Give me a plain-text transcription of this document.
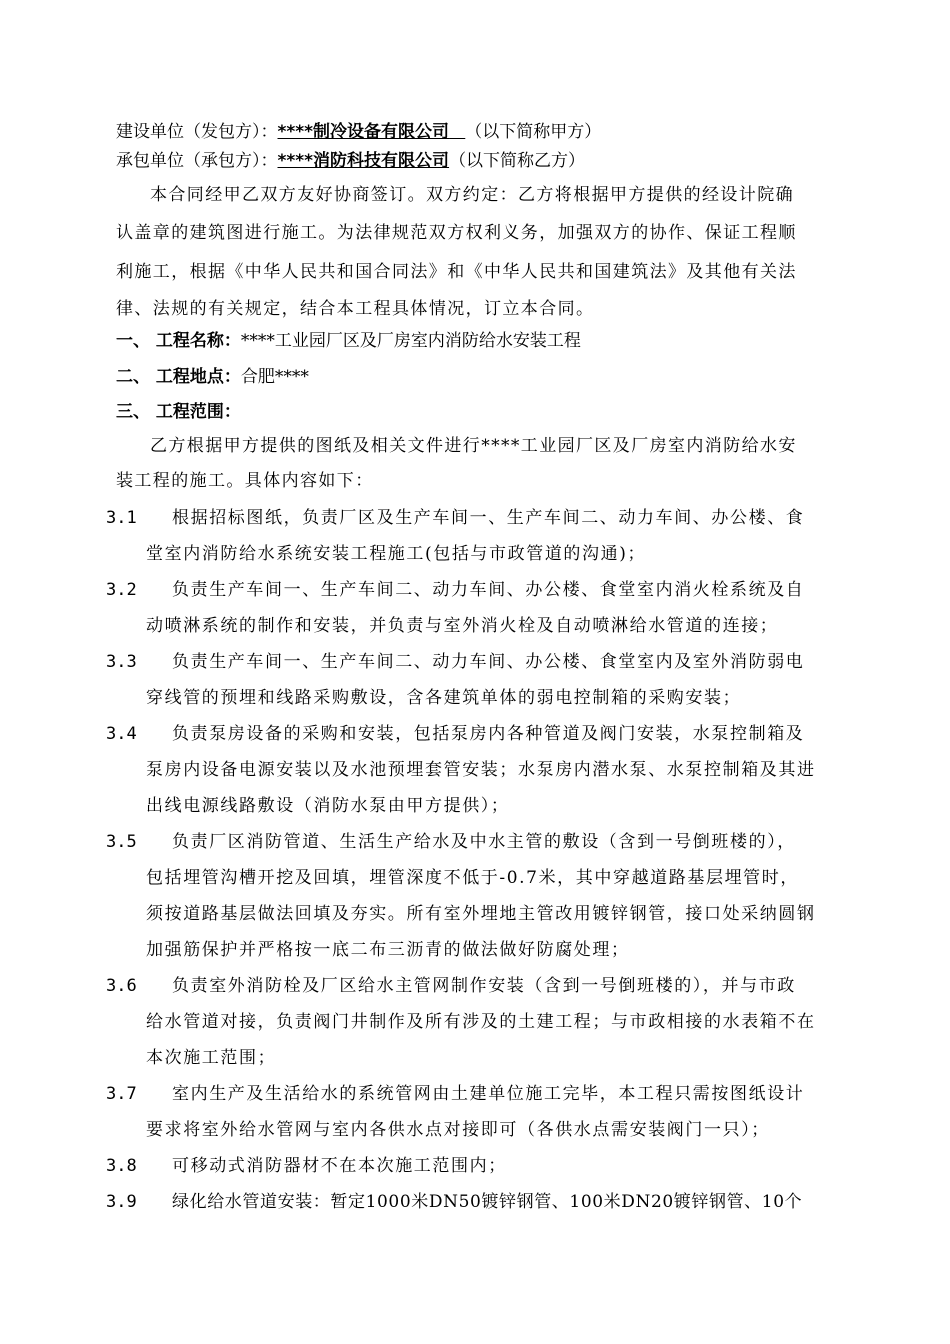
建设单位（发包方）：****制冷设备有限公司 （以下简称甲方）
承包单位（承包方）：****消防科技有限公司（以下简称乙方）
本合同经甲乙双方友好协商签订。双方约定：乙方将根据甲方提供的经设计院确
认盖章的建筑图进行施工。为法律规范双方权利义务，加强双方的协作、保证工程顺
利施工，根据《中华人民共和国合同法》和《中华人民共和国建筑法》及其他有关法
律、法规的有关规定，结合本工程具体情况，订立本合同。
一、 工程名称：****工业园厂区及厂房室内消防给水安装工程
二、 工程地点：合肥****
三、 工程范围：
乙方根据甲方提供的图纸及相关文件进行****工业园厂区及厂房室内消防给水安
装工程的施工。具体内容如下：
3.1 根据招标图纸，负责厂区及生产车间一、生产车间二、动力车间、办公楼、食
堂室内消防给水系统安装工程施工(包括与市政管道的沟通)；
3.2 负责生产车间一、生产车间二、动力车间、办公楼、食堂室内消火栓系统及自
动喷淋系统的制作和安装，并负责与室外消火栓及自动喷淋给水管道的连接；
3.3 负责生产车间一、生产车间二、动力车间、办公楼、食堂室内及室外消防弱电
穿线管的预埋和线路采购敷设，含各建筑单体的弱电控制箱的采购安装；
3.4 负责泵房设备的采购和安装，包括泵房内各种管道及阀门安装，水泵控制箱及
泵房内设备电源安装以及水池预埋套管安装；水泵房内潜水泵、水泵控制箱及其进
出线电源线路敷设（消防水泵由甲方提供）；
3.5 负责厂区消防管道、生活生产给水及中水主管的敷设（含到一号倒班楼的），
包括埋管沟槽开挖及回填，埋管深度不低于-0.7米，其中穿越道路基层埋管时，
须按道路基层做法回填及夯实。所有室外埋地主管改用镀锌钢管，接口处采纳圆钢
加强筋保护并严格按一底二布三沥青的做法做好防腐处理；
3.6 负责室外消防栓及厂区给水主管网制作安装（含到一号倒班楼的），并与市政
给水管道对接，负责阀门井制作及所有涉及的土建工程；与市政相接的水表箱不在
本次施工范围；
3.7 室内生产及生活给水的系统管网由土建单位施工完毕，本工程只需按图纸设计
要求将室外给水管网与室内各供水点对接即可（各供水点需安装阀门一只）；
3.8 可移动式消防器材不在本次施工范围内；
3.9 绿化给水管道安装：暂定1000米DN50镀锌钢管、100米DN20镀锌钢管、10个
